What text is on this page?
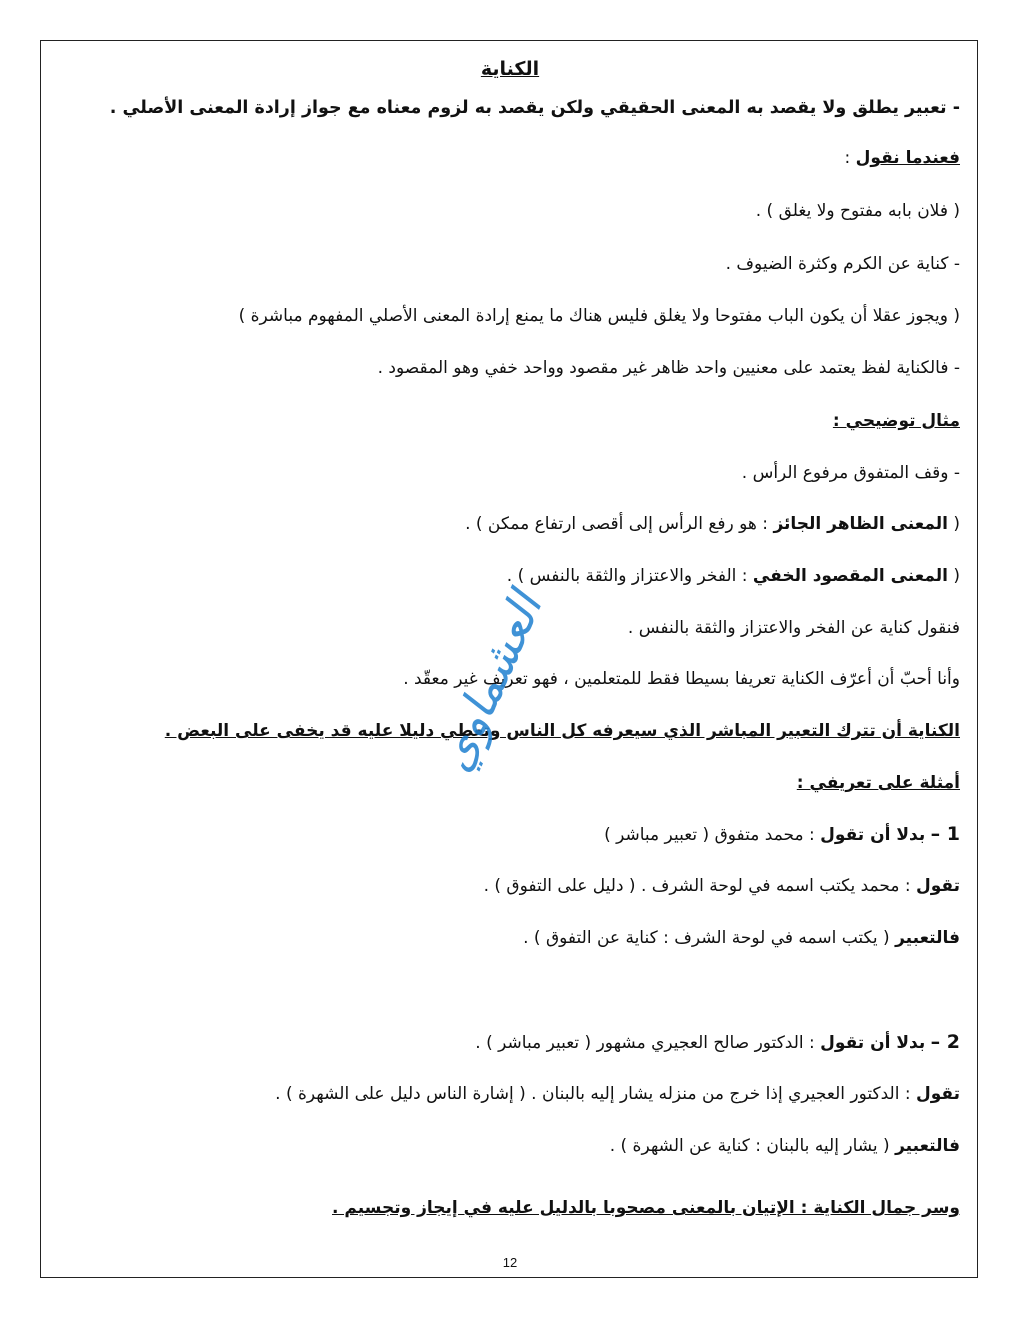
الكناية
- تعبير يطلق ولا يقصد به المعنى الحقيقي ولكن يقصد به لزوم معناه مع جواز إرادة المعنى الأصلي .
فعندما نقول :
( فلان بابه مفتوح ولا يغلق ) .
- كناية عن الكرم وكثرة الضيوف .
( ويجوز عقلا أن يكون الباب مفتوحا ولا يغلق فليس هناك ما يمنع إرادة المعنى الأصلي المفهوم مباشرة )
- فالكناية لفظ يعتمد على معنيين واحد ظاهر غير مقصود وواحد خفي وهو المقصود .
مثال توضيحي :
- وقف المتفوق مرفوع الرأس .
( المعنى الظاهر الجائز : هو رفع الرأس إلى أقصى ارتفاع ممكن ) .
( المعنى المقصود الخفي : الفخر والاعتزاز والثقة بالنفس ) .
فنقول كناية عن الفخر والاعتزاز والثقة بالنفس .
وأنا أحبّ أن أعرّف الكناية تعريفا بسيطا فقط للمتعلمين ، فهو تعريف غير معقّد .
الكناية أن تترك التعبير المباشر الذي سيعرفه كل الناس وتعطي دليلا عليه قد يخفى على البعض .
أمثلة على تعريفي :
1 – بدلا أن تقول : محمد متفوق ( تعبير مباشر )
تقول : محمد يكتب اسمه في لوحة الشرف . ( دليل على التفوق ) .
فالتعبير ( يكتب اسمه في لوحة الشرف : كناية عن التفوق ) .
2 – بدلا أن تقول : الدكتور صالح العجيري مشهور ( تعبير مباشر ) .
تقول : الدكتور العجيري إذا خرج من منزله يشار إليه بالبنان . ( إشارة الناس دليل على الشهرة ) .
فالتعبير ( يشار إليه بالبنان : كناية عن الشهرة ) .
وسر جمال الكناية : الإتيان بالمعنى مصحوبا بالدليل عليه في إيجاز وتجسيم .
العشماوي
12
